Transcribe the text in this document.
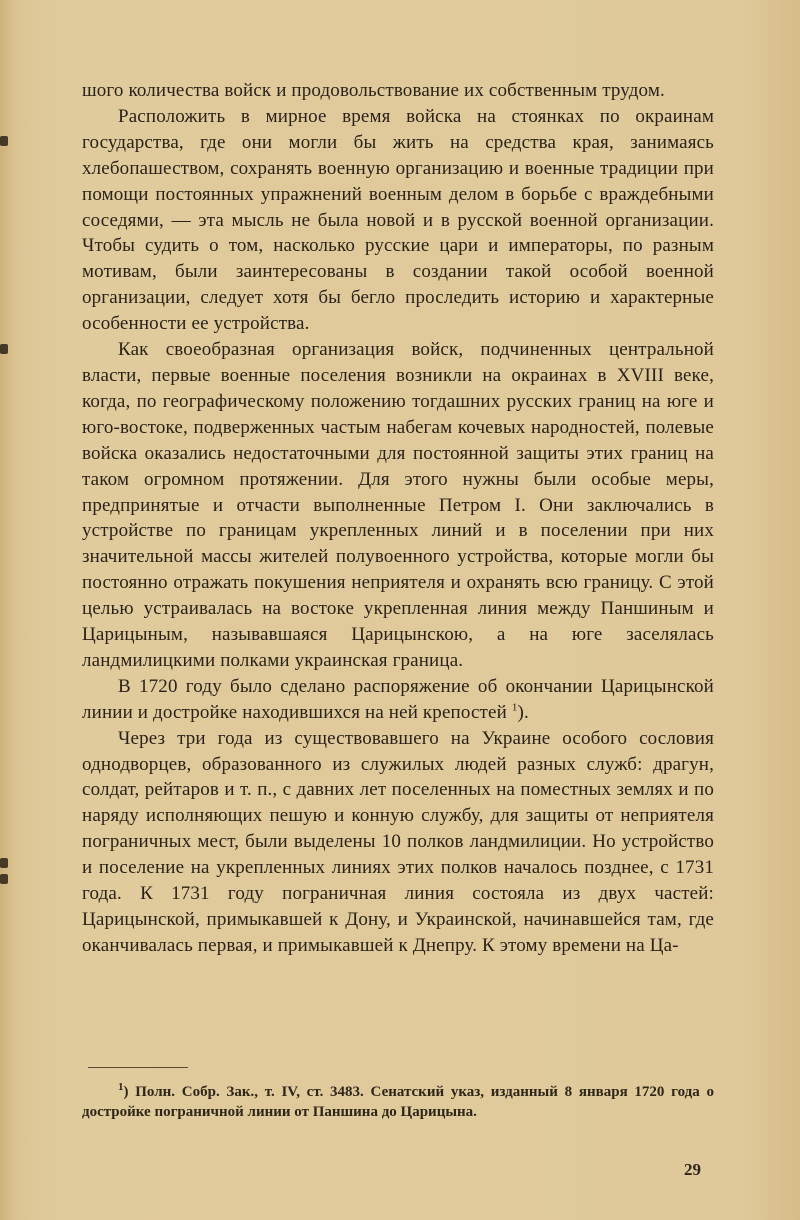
шого количества войск и продовольствование их собственным трудом.

Расположить в мирное время войска на стоянках по окраинам государства, где они могли бы жить на средства края, занимаясь хлебопашеством, сохранять военную организацию и военные традиции при помощи постоянных упражнений военным делом в борьбе с враждебными соседями, — эта мысль не была новой и в русской военной организации. Чтобы судить о том, насколько русские цари и императоры, по разным мотивам, были заинтересованы в создании такой особой военной организации, следует хотя бы бегло проследить историю и характерные особенности ее устройства.

Как своеобразная организация войск, подчиненных центральной власти, первые военные поселения возникли на окраинах в XVIII веке, когда, по географическому положению тогдашних русских границ на юге и юго-востоке, подверженных частым набегам кочевых народностей, полевые войска оказались недостаточными для постоянной защиты этих границ на таком огромном протяжении. Для этого нужны были особые меры, предпринятые и отчасти выполненные Петром I. Они заключались в устройстве по границам укрепленных линий и в поселении при них значительной массы жителей полувоенного устройства, которые могли бы постоянно отражать покушения неприятеля и охранять всю границу. С этой целью устраивалась на востоке укрепленная линия между Паншиным и Царицыным, называвшаяся Царицынскою, а на юге заселялась ландмилицкими полками украинская граница.

В 1720 году было сделано распоряжение об окончании Царицынской линии и достройке находившихся на ней крепостей $^1$).

Через три года из существовавшего на Украине особого сословия однодворцев, образованного из служилых людей разных служб: драгун, солдат, рейтаров и т. п., с давних лет поселенных на поместных землях и по наряду исполняющих пешую и конную службу, для защиты от неприятеля пограничных мест, были выделены 10 полков ландмилиции. Но устройство и поселение на укрепленных линиях этих полков началось позднее, с 1731 года. К 1731 году пограничная линия состояла из двух частей: Царицынской, примыкавшей к Дону, и Украинской, начинавшейся там, где оканчивалась первая, и примыкавшей к Днепру. К этому времени на Ца-

$^1$) Полн. Собр. Зак., т. IV, ст. 3483. Сенатский указ, изданный 8 января 1720 года о достройке пограничной линии от Паншина до Царицына.
29
